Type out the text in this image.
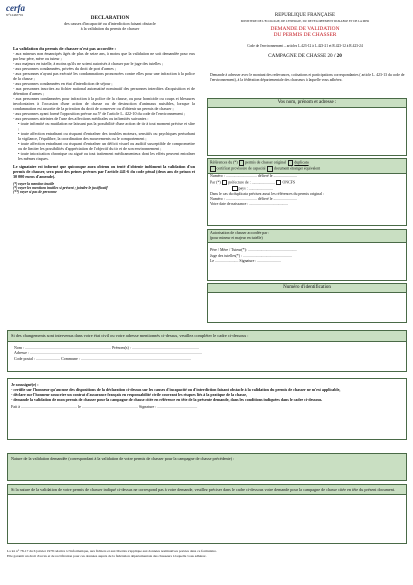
cerfa
N°12465*01	DECLARATION
des causes d'incapacité ou d'interdiction faisant obstacle
à la validation du permis de chasser
REPUBLIQUE FRANÇAISE
MINISTERE DE L'ECOLOGIE, DE L'ENERGIE, DU DEVELOPPEMENT DURABLE ET DE LA MER
DEMANDE DE VALIDATION
DU PERMIS DE CHASSER
Code de l'environnement – articles L.423-12 à L.423-21 et R.423-12 à R.423-24
CAMPAGNE DE CHASSE 20 / 20
Demande à adresser avec le montant des redevances, cotisations et participations correspondantes ( article L. 423-13 du code de l'environnement), à la fédération départementale des chasseurs à laquelle vous adhérez.
La validation du permis de chasser n'est pas accordée :
- aux mineurs non émancipés âgés de plus de seize ans, à moins que la validation ne soit demandée pour eux par leur père, mère ou tuteur ;
- aux majeurs en tutelle, à moins qu'ils ne soient autorisés à chasser par le juge des tutelles ;
- aux personnes condamnées, privées du droit de port d'armes ;
- aux personnes n'ayant pas exécuté les condamnations prononcées contre elles pour une infraction à la police de la chasse ;
- aux personnes condamnées en état d'interdiction de séjour ;
- aux personnes inscrites au fichier national automatisé nominatif des personnes interdites d'acquisition et de détention d'armes ;
- aux personnes condamnées pour infraction à la police de la chasse, ou pour homicide ou coups et blessures involontaires à l'occasion d'une action de chasse ou de destruction d'animaux nuisibles, lorsque la condamnation est assortie de la privation du droit de conserver ou d'obtenir un permis de chasser ;
- aux personnes ayant formé l'opposition prévue au 5° de l'article L. 422-10 du code de l'environnement ;
- aux personnes atteintes de l'une des affections médicales ou infirmités suivantes :
• toute infirmité ou mutilation ne laissant pas la possibilité d'une action de tir à tout moment précise et sûre ;
• toute affection entraînant ou risquant d'entraîner des troubles moteurs, sensitifs ou psychiques perturbant la vigilance, l'équilibre, la coordination des mouvements ou le comportement ;
• toute affection entraînant ou risquant d'entraîner un déficit visuel ou auditif susceptible de compromettre ou de limiter les possibilités d'appréciation de l'objectif du tir et de son environnement ;
• toute intoxication chronique ou aiguë ou tout traitement médicamenteux dont les effets peuvent entraîner les mêmes risques.
Le signataire est informé que quiconque aura obtenu ou tenté d'obtenir indûment la validation d'un permis de chasser, sera puni des peines prévues par l'article 441-6 du code pénal (deux ans de prison et 30 000 euros d'amende).
(*) rayer la mention inutile
(*) rayer les mentions inutiles si présent ; joindre le justificatif
(**) rayer si pas de personne
Vos nom, prénom et adresse :
Références du (*) permis de chasser original duplicata
certificat provisoire de capacité document étranger équivalent
Numéro : ................................ délivré le ........................
Par (*) préfecture de : ........................ ONCFS
pays : .........................
Dans le cas du duplicata précisez aussi les références du permis original :
Numéro : ................................ délivré le ........................
Votre date de naissance : ........................................
Autorisation de chasser accordée par :
(pour mineur et majeur en tutelle)
Père / Mère / Tuteur(*): ..................................................
Juge des tutelles(*) : ..................................................
Le ........................ Signature : ........................
Numéro d'identification
Si des changements sont intervenus dans votre état civil ou votre adresse mentionnés ci-dessus, veuillez compléter le cadre ci-dessous :
Nom : ...................................................................................... Prénom(s) : ...................................................................
Adresse : ............................................................................................................................................................................
Code postal : ........................ Commune : ..............................................................................................................
Je soussigné(e) :
- certifie sur l'honneur qu'aucune des dispositions de la déclaration ci-dessus sur les causes d'incapacité ou d'interdiction faisant obstacle à la validation du permis de chasser ne m'est applicable,
- déclare sur l'honneur souscrire un contrat d'assurance français en responsabilité civile couvrant les risques liés à la pratique de la chasse,
- demande la validation de mon permis de chasser pour la campagne de chasse citée en référence en tête de la présente demande, dans les conditions indiquées dans le cadre ci-dessous.
Fait à ........................................................ le ........................................................ Signature : ........................................
Nature de la validation demandée (correspondant à la validation de votre permis de chasser pour la campagne de chasse précédente) :
Si la nature de la validation de votre permis de chasser indiqué ci-dessus ne correspond pas à votre demande, veuillez préciser dans le cadre ci-dessous votre demande pour la campagne de chasse citée en tête du présent document.
La loi n° 78-17 du 6 janvier 1978 relative à l'informatique, aux fichiers et aux libertés s'applique aux données nominatives portées dans ce formulaire.
Elle garantit un droit d'accès et de rectification pour ces données auprès de la fédération départementale des chasseurs à laquelle vous adhérez.
